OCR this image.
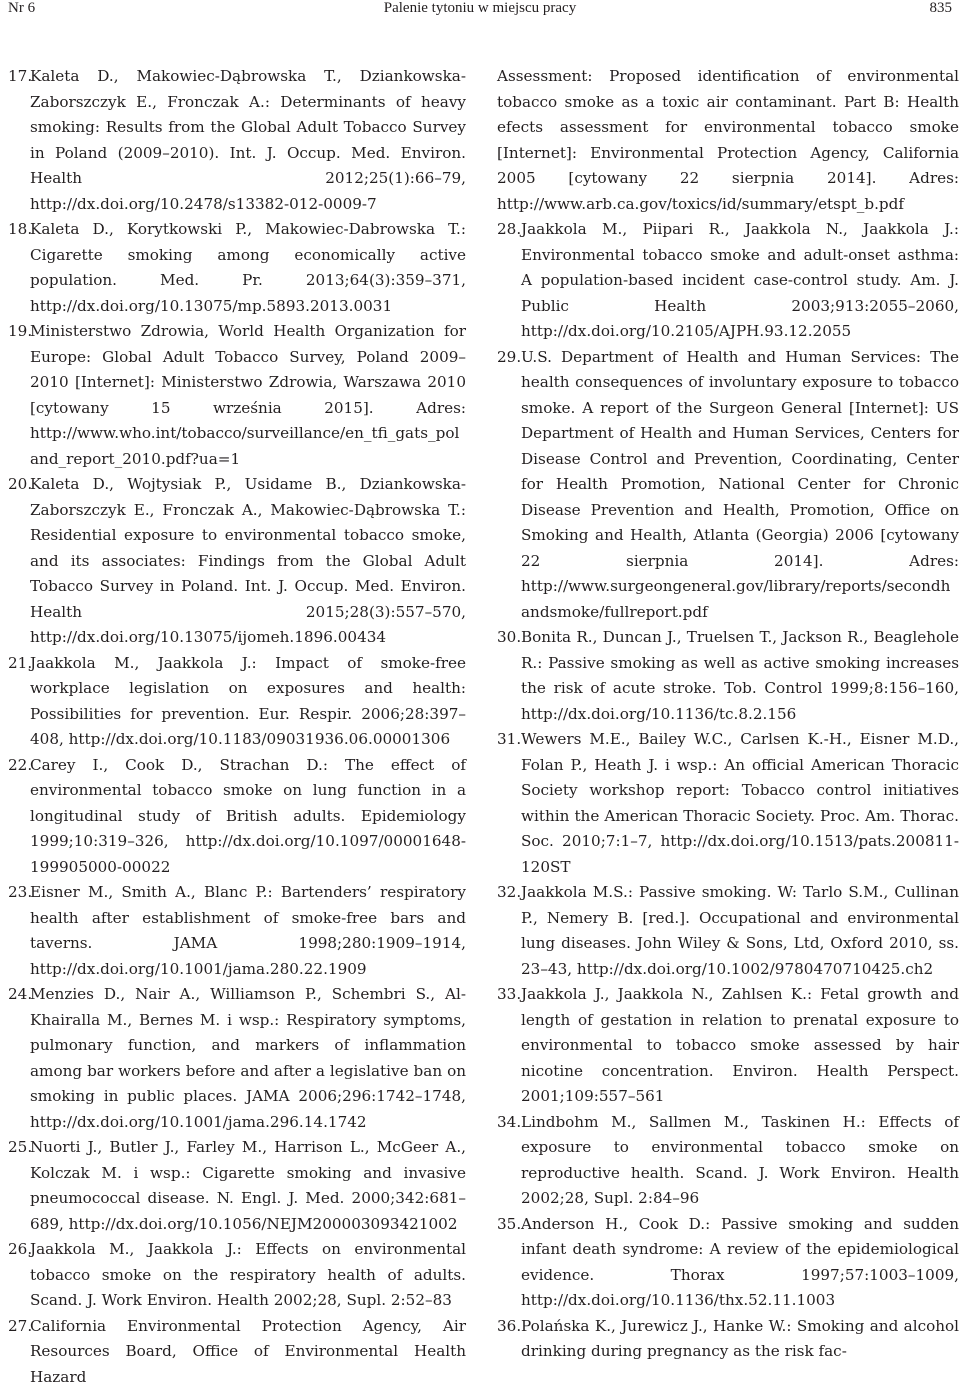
Nr 6	Palenie tytoniu w miejscu pracy	835

17.
Kaleta D., Makowiec-Dąbrowska T., Dziankowska-Zaborszczyk E., Fronczak A.: Determinants of heavy smoking: Results from the Global Adult Tobacco Survey in Poland (2009–2010). Int. J. Occup. Med. Environ. Health 2012;25(1):66–79, http://dx.doi.org/10.2478/s13382-012-0009-7

18.
Kaleta D., Korytkowski P., Makowiec-Dabrowska T.: Cigarette smoking among economically active population. Med. Pr. 2013;64(3):359–371, http://dx.doi.org/10.13075/mp.5893.2013.0031

19.
Ministerstwo Zdrowia, World Health Organization for Europe: Global Adult Tobacco Survey, Poland 2009–2010 [Internet]: Ministerstwo Zdrowia, Warszawa 2010 [cytowany 15 września 2015]. Adres: http://www.who.int/tobacco/surveillance/en_tfi_gats_poland_report_2010.pdf?ua=1

20.
Kaleta D., Wojtysiak P., Usidame B., Dziankowska-Zaborszczyk E., Fronczak A., Makowiec-Dąbrowska T.: Residential exposure to environmental tobacco smoke, and its associates: Findings from the Global Adult Tobacco Survey in Poland. Int. J. Occup. Med. Environ. Health 2015;28(3):557–570, http://dx.doi.org/10.13075/ijomeh.1896.00434

21.
Jaakkola M., Jaakkola J.: Impact of smoke-free workplace legislation on exposures and health: Possibilities for prevention. Eur. Respir. 2006;28:397–408, http://dx.doi.org/10.1183/09031936.06.00001306

22.
Carey I., Cook D., Strachan D.: The effect of environmental tobacco smoke on lung function in a longitudinal study of British adults. Epidemiology 1999;10:319–326, http://dx.doi.org/10.1097/00001648-199905000-00022

23.
Eisner M., Smith A., Blanc P.: Bartenders’ respiratory health after establishment of smoke-free bars and taverns. JAMA 1998;280:1909–1914, http://dx.doi.org/10.1001/jama.280.22.1909

24.
Menzies D., Nair A., Williamson P., Schembri S., Al-Khairalla M., Bernes M. i wsp.: Respiratory symptoms, pulmonary function, and markers of inflammation among bar workers before and after a legislative ban on smoking in public places. JAMA 2006;296:1742–1748, http://dx.doi.org/10.1001/jama.296.14.1742

25.
Nuorti J., Butler J., Farley M., Harrison L., McGeer A., Kolczak M. i wsp.: Cigarette smoking and invasive pneumococcal disease. N. Engl. J. Med. 2000;342:681–689, http://dx.doi.org/10.1056/NEJM200003093421002

26.
Jaakkola M., Jaakkola J.: Effects on environmental tobacco smoke on the respiratory health of adults. Scand. J. Work Environ. Health 2002;28, Supl. 2:52–83

27.
California Environmental Protection Agency, Air Resources Board, Office of Environmental Health Hazard

Assessment: Proposed identification of environmental tobacco smoke as a toxic air contaminant. Part B: Health efects assessment for environmental tobacco smoke [Internet]: Environmental Protection Agency, California 2005 [cytowany 22 sierpnia 2014]. Adres: http://www.arb.ca.gov/toxics/id/summary/etspt_b.pdf

28. Jaakkola M., Piipari R., Jaakkola N., Jaakkola J.: Environmental tobacco smoke and adult-onset asthma: A population-based incident case-control study. Am. J. Public Health 2003;913:2055–2060, http://dx.doi.org/10.2105/AJPH.93.12.2055

29. U.S. Department of Health and Human Services: The health consequences of involuntary exposure to tobacco smoke. A report of the Surgeon General [Internet]: US Department of Health and Human Services, Centers for Disease Control and Prevention, Coordinating, Center for Health Promotion, National Center for Chronic Disease Prevention and Health, Promotion, Office on Smoking and Health, Atlanta (Georgia) 2006 [cytowany 22 sierpnia 2014]. Adres: http://www.surgeongeneral.gov/library/reports/secondhandsmoke/fullreport.pdf

30. Bonita R., Duncan J., Truelsen T., Jackson R., Beaglehole R.: Passive smoking as well as active smoking increases the risk of acute stroke. Tob. Control 1999;8:156–160, http://dx.doi.org/10.1136/tc.8.2.156

31. Wewers M.E., Bailey W.C., Carlsen K.-H., Eisner M.D., Folan P., Heath J. i wsp.: An official American Thoracic Society workshop report: Tobacco control initiatives within the American Thoracic Society. Proc. Am. Thorac. Soc. 2010;7:1–7, http://dx.doi.org/10.1513/pats.200811-120ST

32. Jaakkola M.S.: Passive smoking. W: Tarlo S.M., Cullinan P., Nemery B. [red.]. Occupational and environmental lung diseases. John Wiley & Sons, Ltd, Oxford 2010, ss. 23–43, http://dx.doi.org/10.1002/9780470710425.ch2

33. Jaakkola J., Jaakkola N., Zahlsen K.: Fetal growth and length of gestation in relation to prenatal exposure to environmental to tobacco smoke assessed by hair nicotine concentration. Environ. Health Perspect. 2001;109:557–561

34. Lindbohm M., Sallmen M., Taskinen H.: Effects of exposure to environmental tobacco smoke on reproductive health. Scand. J. Work Environ. Health 2002;28, Supl. 2:84–96

35. Anderson H., Cook D.: Passive smoking and sudden infant death syndrome: A review of the epidemiological evidence. Thorax 1997;57:1003–1009, http://dx.doi.org/10.1136/thx.52.11.1003

36. Polańska K., Jurewicz J., Hanke W.: Smoking and alcohol drinking during pregnancy as the risk fac-
